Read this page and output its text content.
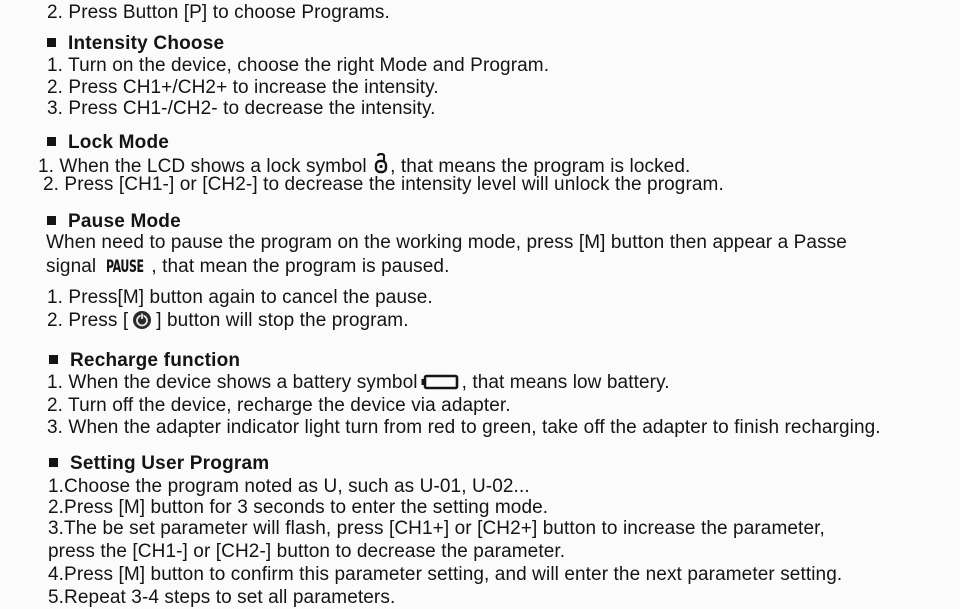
2. Press Button [P] to choose Programs.
Intensity Choose
1. Turn on the device, choose the right Mode and Program.
2. Press CH1+/CH2+ to increase the intensity.
3. Press CH1-/CH2- to decrease the intensity.
Lock Mode
1. When the LCD shows a lock symbol , that means the program is locked.
2. Press [CH1-] or [CH2-] to decrease the intensity level will unlock the program.
Pause Mode
When need to pause the program on the working mode, press [M] button then appear a Passe
signal PAUSE , that mean the program is paused.
1. Press[M] button again to cancel the pause.
2. Press [ ] button will stop the program.
Recharge function
1. When the device shows a battery symbol , that means low battery.
2. Turn off the device, recharge the device via adapter.
3. When the adapter indicator light turn from red to green, take off the adapter to finish recharging.
Setting User Program
1.Choose the program noted as U, such as U-01, U-02...
2.Press [M] button for 3 seconds to enter the setting mode.
3.The be set parameter will flash, press [CH1+] or [CH2+] button to increase the parameter,
press the [CH1-] or [CH2-] button to decrease the parameter.
4.Press [M] button to confirm this parameter setting, and will enter the next parameter setting.
5.Repeat 3-4 steps to set all parameters.
